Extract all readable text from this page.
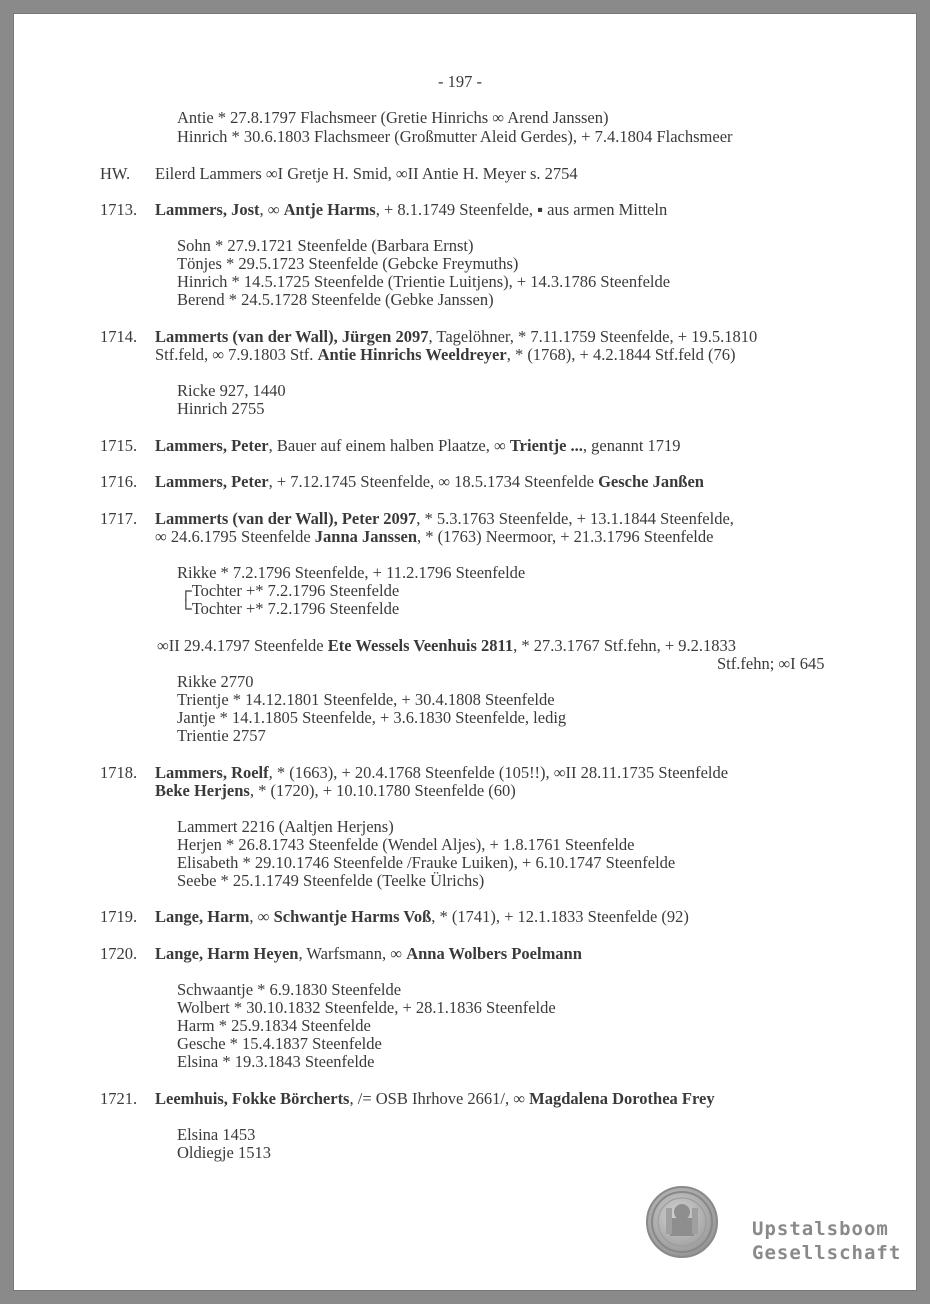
- 197 -
Antie * 27.8.1797 Flachsmeer (Gretie Hinrichs ∞ Arend Janssen)
Hinrich * 30.6.1803 Flachsmeer (Großmutter Aleid Gerdes), + 7.4.1804 Flachsmeer
HW. Eilerd Lammers ∞I Gretje H. Smid, ∞II Antie H. Meyer s. 2754
1713. Lammers, Jost, ∞ Antje Harms, + 8.1.1749 Steenfelde, ▪ aus armen Mitteln
Sohn * 27.9.1721 Steenfelde (Barbara Ernst)
Tönjes * 29.5.1723 Steenfelde (Gebcke Freymuths)
Hinrich * 14.5.1725 Steenfelde (Trientie Luitjens), + 14.3.1786 Steenfelde
Berend * 24.5.1728 Steenfelde (Gebke Janssen)
1714. Lammerts (van der Wall), Jürgen 2097, Tagelöhner, * 7.11.1759 Steenfelde, + 19.5.1810
Stf.feld, ∞ 7.9.1803 Stf. Antie Hinrichs Weeldreyer, * (1768), + 4.2.1844 Stf.feld (76)
Ricke 927, 1440
Hinrich 2755
1715. Lammers, Peter, Bauer auf einem halben Plaatze, ∞ Trientje ..., genannt 1719
1716. Lammers, Peter, + 7.12.1745 Steenfelde, ∞ 18.5.1734 Steenfelde Gesche Janßen
1717. Lammerts (van der Wall), Peter 2097, * 5.3.1763 Steenfelde, + 13.1.1844 Steenfelde,
∞ 24.6.1795 Steenfelde Janna Janssen, * (1763) Neermoor, + 21.3.1796 Steenfelde
Rikke * 7.2.1796 Steenfelde, + 11.2.1796 Steenfelde
┌Tochter +* 7.2.1796 Steenfelde
└Tochter +* 7.2.1796 Steenfelde
∞II 29.4.1797 Steenfelde Ete Wessels Veenhuis 2811, * 27.3.1767 Stf.fehn, + 9.2.1833
Stf.fehn; ∞I 645
Rikke 2770
Trientje * 14.12.1801 Steenfelde, + 30.4.1808 Steenfelde
Jantje * 14.1.1805 Steenfelde, + 3.6.1830 Steenfelde, ledig
Trientie 2757
1718. Lammers, Roelf, * (1663), + 20.4.1768 Steenfelde (105!!), ∞II 28.11.1735 Steenfelde
Beke Herjens, * (1720), + 10.10.1780 Steenfelde (60)
Lammert 2216 (Aaltjen Herjens)
Herjen * 26.8.1743 Steenfelde (Wendel Aljes), + 1.8.1761 Steenfelde
Elisabeth * 29.10.1746 Steenfelde /Frauke Luiken), + 6.10.1747 Steenfelde
Seebe * 25.1.1749 Steenfelde (Teelke Ülrichs)
1719. Lange, Harm, ∞ Schwantje Harms Voß, * (1741), + 12.1.1833 Steenfelde (92)
1720. Lange, Harm Heyen, Warfsmann, ∞ Anna Wolbers Poelmann
Schwaantje * 6.9.1830 Steenfelde
Wolbert * 30.10.1832 Steenfelde, + 28.1.1836 Steenfelde
Harm * 25.9.1834 Steenfelde
Gesche * 15.4.1837 Steenfelde
Elsina * 19.3.1843 Steenfelde
1721. Leemhuis, Fokke Börcherts, /= OSB Ihrhove 2661/, ∞ Magdalena Dorothea Frey
Elsina 1453
Oldiegje 1513
Upstalsboom
Gesellschaft
